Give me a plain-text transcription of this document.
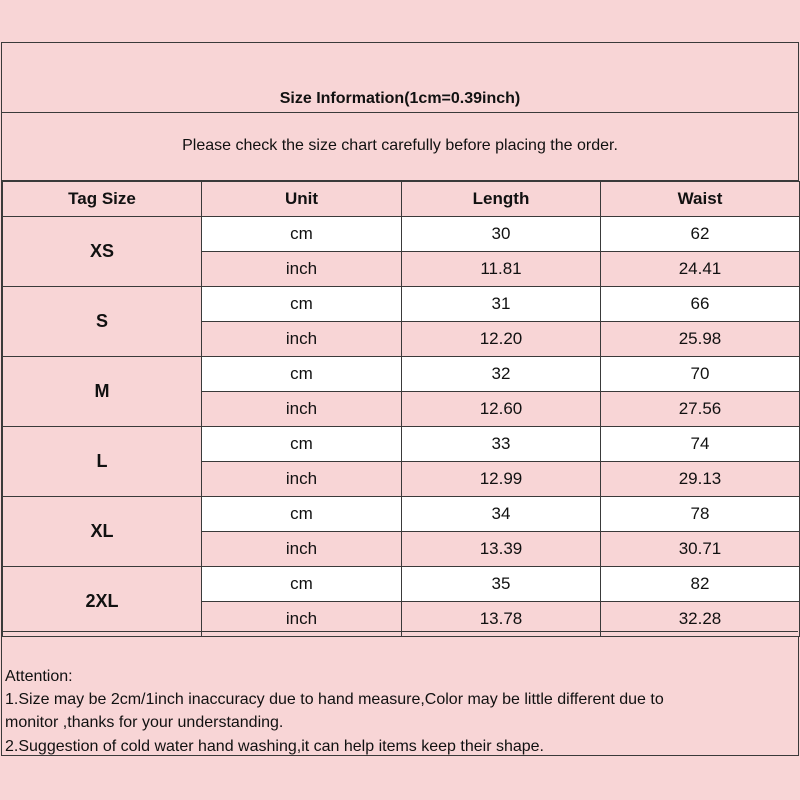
Size Information(1cm=0.39inch)
Please check the size chart carefully before placing the order.
Tag Size	Unit	Length	Waist
XS	cm	30	62
	inch	11.81	24.41
S	cm	31	66
	inch	12.20	25.98
M	cm	32	70
	inch	12.60	27.56
L	cm	33	74
	inch	12.99	29.13
XL	cm	34	78
	inch	13.39	30.71
2XL	cm	35	82
	inch	13.78	32.28
Attention:
1.Size may be 2cm/1inch inaccuracy due to hand measure,Color may be little different due to
monitor ,thanks for your understanding.
2.Suggestion of cold water hand washing,it can help items keep their shape.
